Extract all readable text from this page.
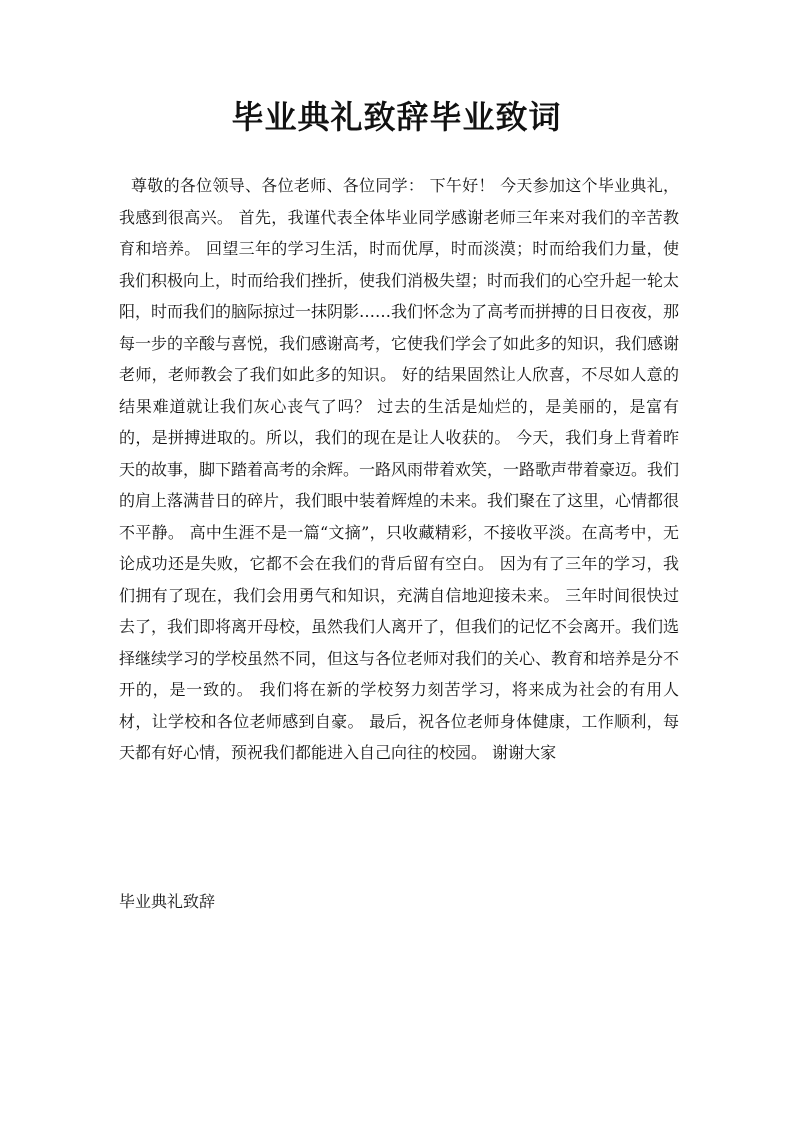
毕业典礼致辞毕业致词

尊敬的各位领导、各位老师、各位同学： 下午好！ 今天参加这个毕业典礼，我感到很高兴。 首先，我谨代表全体毕业同学感谢老师三年来对我们的辛苦教育和培养。 回望三年的学习生活，时而优厚，时而淡漠；时而给我们力量，使我们积极向上，时而给我们挫折，使我们消极失望；时而我们的心空升起一轮太阳，时而我们的脑际掠过一抹阴影……我们怀念为了高考而拼搏的日日夜夜，那每一步的辛酸与喜悦，我们感谢高考，它使我们学会了如此多的知识，我们感谢老师，老师教会了我们如此多的知识。 好的结果固然让人欣喜，不尽如人意的结果难道就让我们灰心丧气了吗？ 过去的生活是灿烂的，是美丽的，是富有的，是拼搏进取的。所以，我们的现在是让人收获的。 今天，我们身上背着昨天的故事，脚下踏着高考的余辉。一路风雨带着欢笑，一路歌声带着豪迈。我们的肩上落满昔日的碎片，我们眼中装着辉煌的未来。我们聚在了这里，心情都很不平静。 高中生涯不是一篇“文摘”，只收藏精彩，不接收平淡。在高考中，无论成功还是失败，它都不会在我们的背后留有空白。 因为有了三年的学习，我们拥有了现在，我们会用勇气和知识，充满自信地迎接未来。 三年时间很快过去了，我们即将离开母校，虽然我们人离开了，但我们的记忆不会离开。我们选择继续学习的学校虽然不同，但这与各位老师对我们的关心、教育和培养是分不开的，是一致的。 我们将在新的学校努力刻苦学习，将来成为社会的有用人材，让学校和各位老师感到自豪。 最后，祝各位老师身体健康，工作顺利，每天都有好心情，预祝我们都能进入自己向往的校园。 谢谢大家

毕业典礼致辞
